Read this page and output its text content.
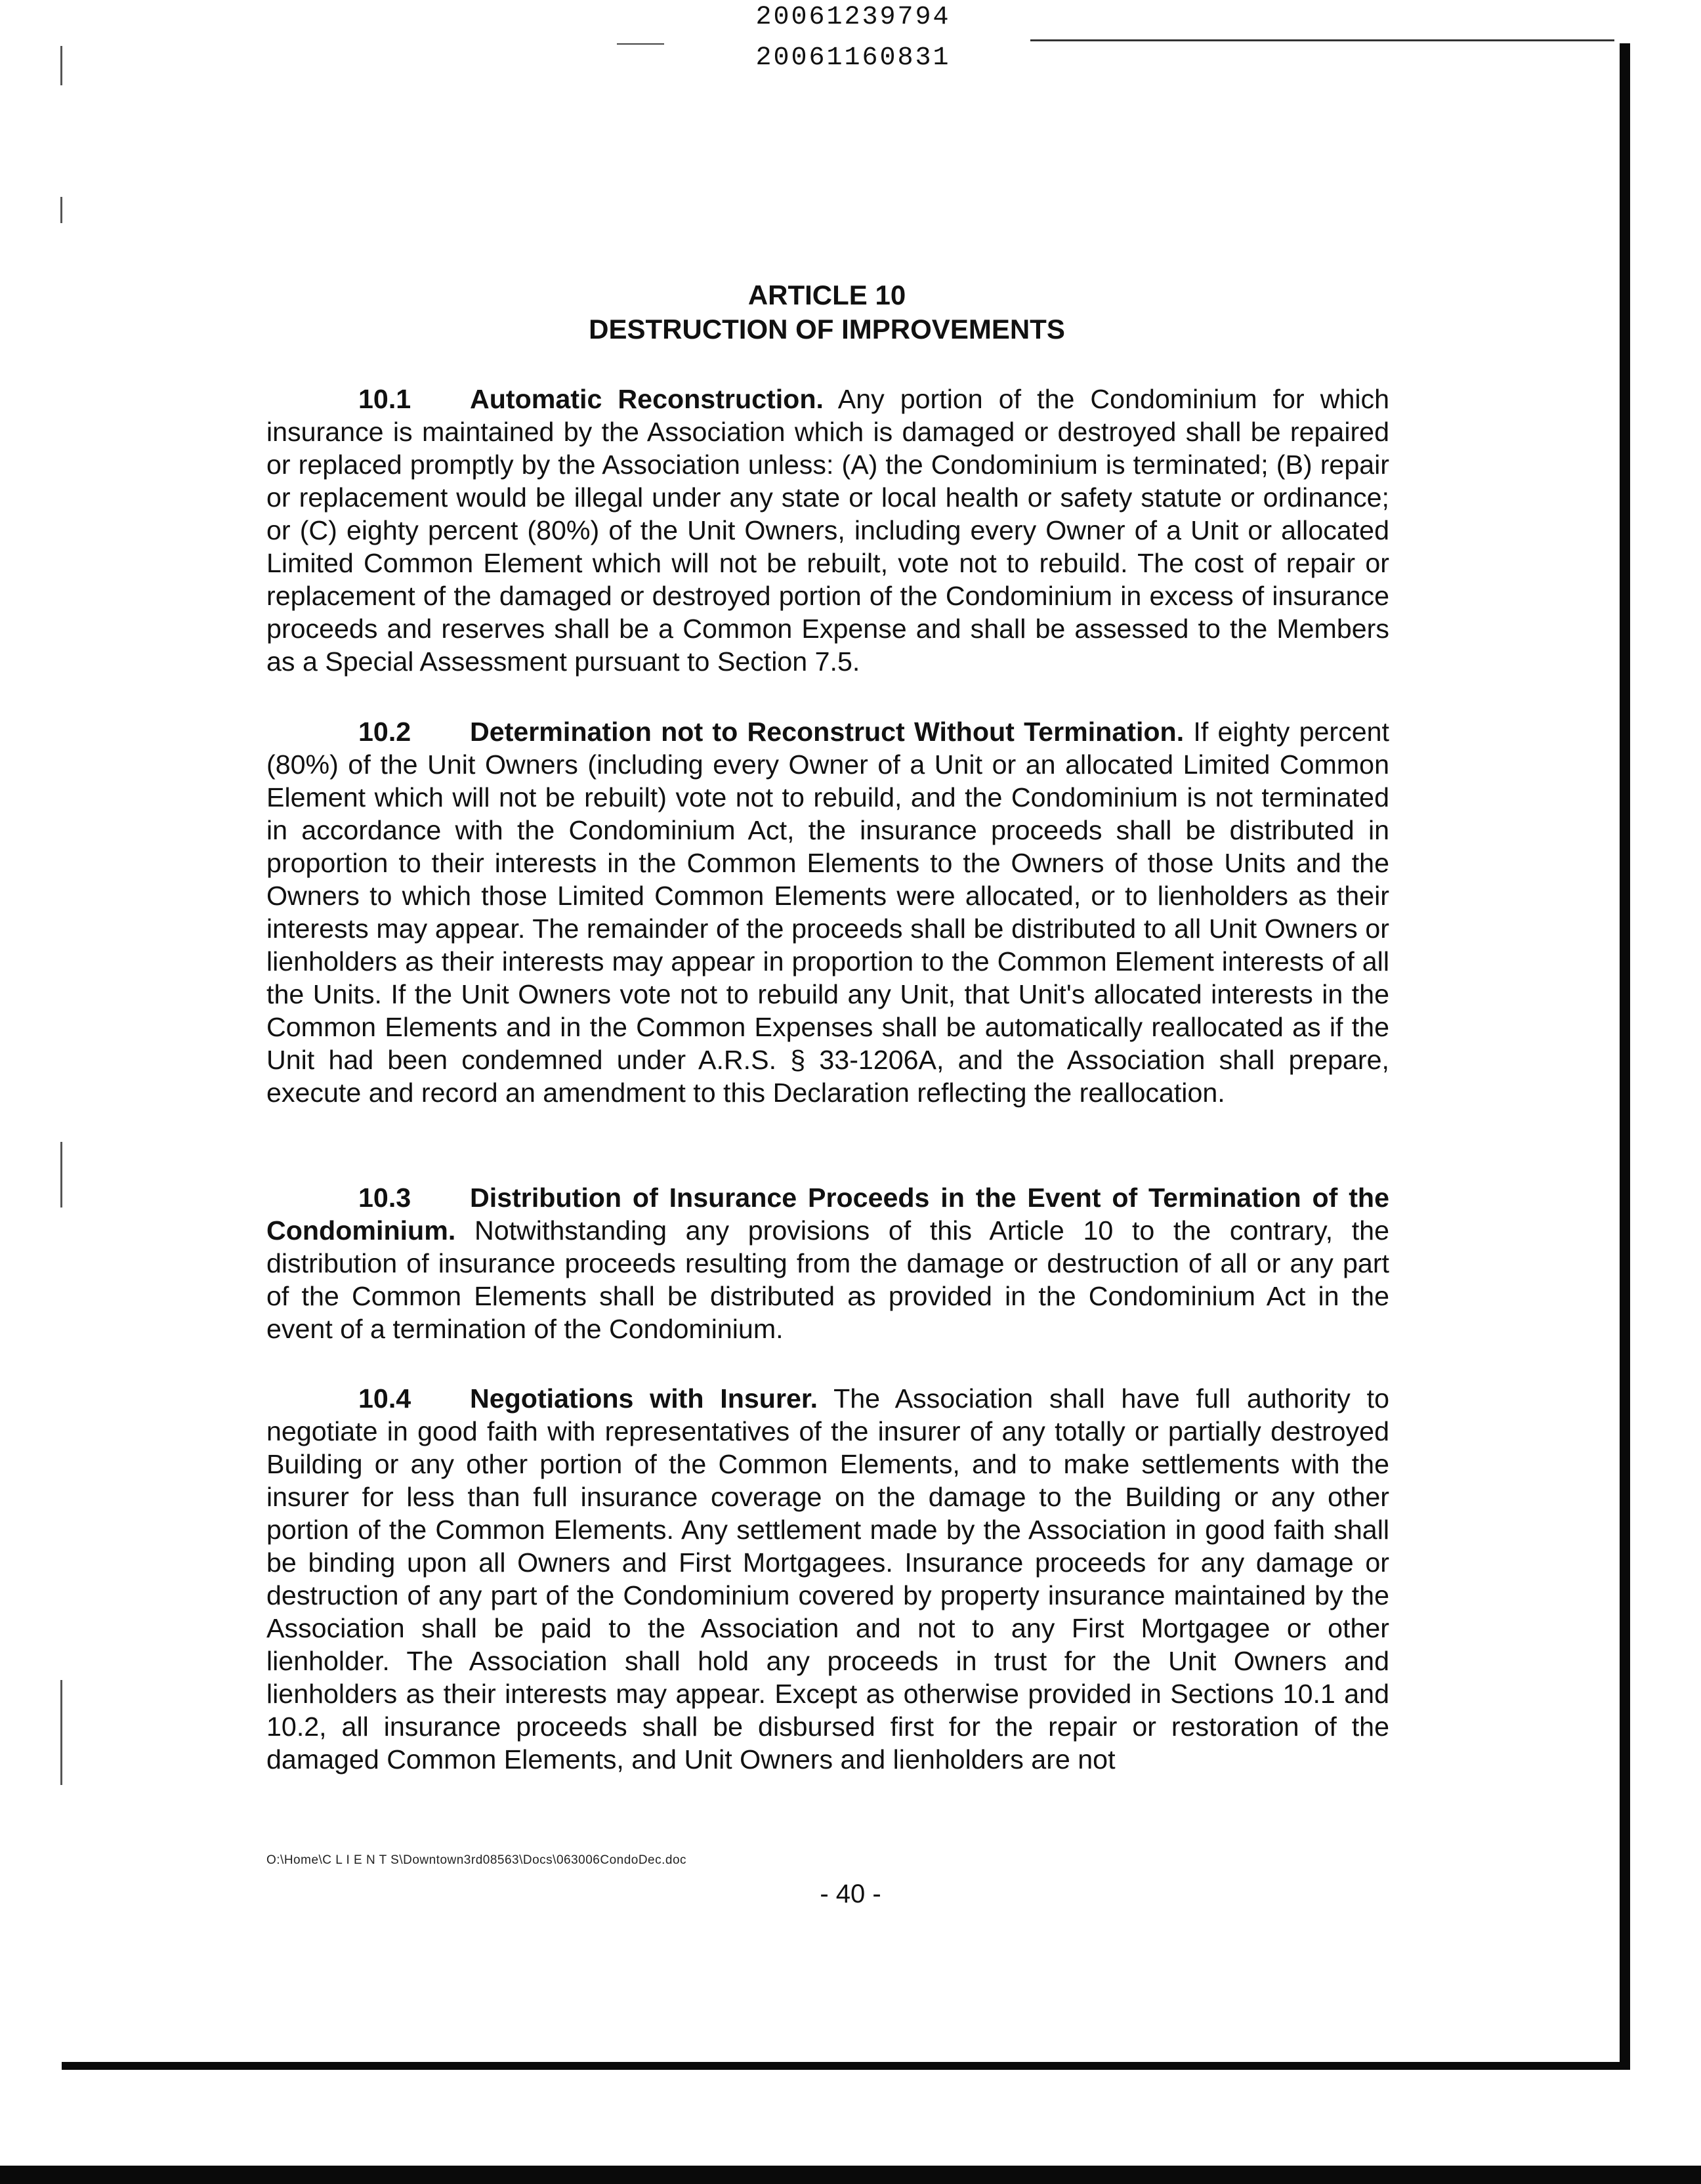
20061239794
20061160831
ARTICLE 10
DESTRUCTION OF IMPROVEMENTS
10.1 Automatic Reconstruction. Any portion of the Condominium for which insurance is maintained by the Association which is damaged or destroyed shall be repaired or replaced promptly by the Association unless: (A) the Condominium is terminated; (B) repair or replacement would be illegal under any state or local health or safety statute or ordinance; or (C) eighty percent (80%) of the Unit Owners, including every Owner of a Unit or allocated Limited Common Element which will not be rebuilt, vote not to rebuild. The cost of repair or replacement of the damaged or destroyed portion of the Condominium in excess of insurance proceeds and reserves shall be a Common Expense and shall be assessed to the Members as a Special Assessment pursuant to Section 7.5.
10.2 Determination not to Reconstruct Without Termination. If eighty percent (80%) of the Unit Owners (including every Owner of a Unit or an allocated Limited Common Element which will not be rebuilt) vote not to rebuild, and the Condominium is not terminated in accordance with the Condominium Act, the insurance proceeds shall be distributed in proportion to their interests in the Common Elements to the Owners of those Units and the Owners to which those Limited Common Elements were allocated, or to lienholders as their interests may appear. The remainder of the proceeds shall be distributed to all Unit Owners or lienholders as their interests may appear in proportion to the Common Element interests of all the Units. If the Unit Owners vote not to rebuild any Unit, that Unit's allocated interests in the Common Elements and in the Common Expenses shall be automatically reallocated as if the Unit had been condemned under A.R.S. § 33-1206A, and the Association shall prepare, execute and record an amendment to this Declaration reflecting the reallocation.
10.3 Distribution of Insurance Proceeds in the Event of Termination of the Condominium. Notwithstanding any provisions of this Article 10 to the contrary, the distribution of insurance proceeds resulting from the damage or destruction of all or any part of the Common Elements shall be distributed as provided in the Condominium Act in the event of a termination of the Condominium.
10.4 Negotiations with Insurer. The Association shall have full authority to negotiate in good faith with representatives of the insurer of any totally or partially destroyed Building or any other portion of the Common Elements, and to make settlements with the insurer for less than full insurance coverage on the damage to the Building or any other portion of the Common Elements. Any settlement made by the Association in good faith shall be binding upon all Owners and First Mortgagees. Insurance proceeds for any damage or destruction of any part of the Condominium covered by property insurance maintained by the Association shall be paid to the Association and not to any First Mortgagee or other lienholder. The Association shall hold any proceeds in trust for the Unit Owners and lienholders as their interests may appear. Except as otherwise provided in Sections 10.1 and 10.2, all insurance proceeds shall be disbursed first for the repair or restoration of the damaged Common Elements, and Unit Owners and lienholders are not
O:\Home\C L I E N T S\Downtown3rd08563\Docs\063006CondoDec.doc
- 40 -
